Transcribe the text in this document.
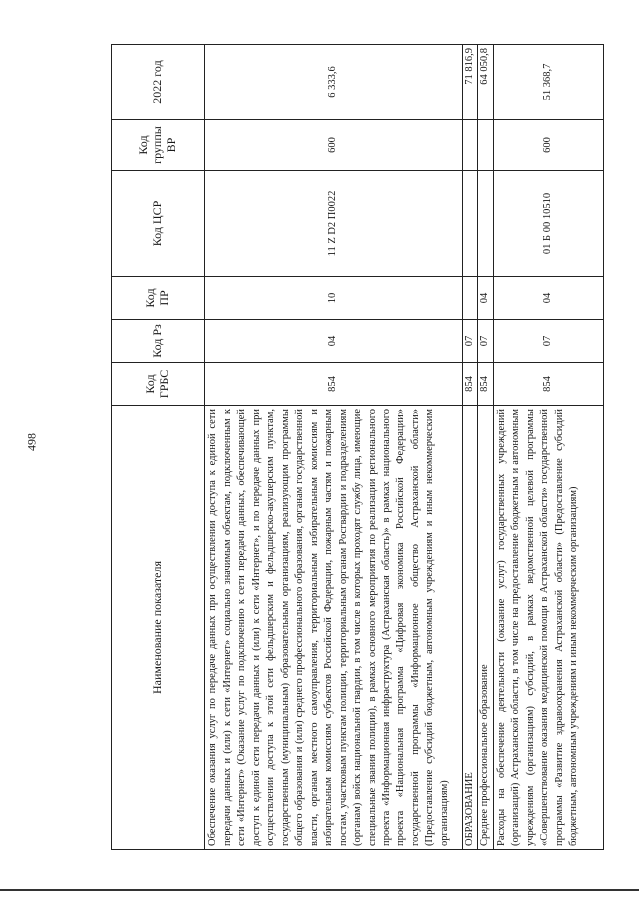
498
Наименование показателя	Код ГРБС	Код Рз	Код ПР	Код ЦСР	Код группы ВР	2022 год
Обеспечение оказания услуг по передаче данных при осуществлении доступа к единой сети передачи данных и (или) к сети «Интернет» социально значимым объектам, подключенным к сети «Интернет» (Оказание услуг по подключению к сети передачи данных, обеспечивающей доступ к единой сети передачи данных и (или) к сети «Интернет», и по передаче данных при осуществлении доступа к этой сети фельдшерским и фельдшерско-акушерским пунктам, государственным (муниципальным) образовательным организациям, реализующим программы общего образования и (или) среднего профессионального образования, органам государственной власти, органам местного самоуправления, территориальным избирательным комиссиям и избирательным комиссиям субъектов Российской Федерации, пожарным частям и пожарным постам, участковым пунктам полиции, территориальным органам Росгвардии и подразделениям (органам) войск национальной гвардии, в том числе в которых проходят службу лица, имеющие специальные звания полиции), в рамках основного мероприятия по реализации регионального проекта «Информационная инфраструктура (Астраханская область)» в рамках национального проекта «Национальная программа «Цифровая экономика Российской Федерации» государственной программы «Информационное общество Астраханской области» (Предоставление субсидий бюджетным, автономным учреждениям и иным некоммерческим организациям)	854	04	10	11 Z D2 П0022	600	6 333,6
ОБРАЗОВАНИЕ	854	07				71 816,9
Среднее профессиональное образование	854	07	04			64 050,8
Расходы на обеспечение деятельности (оказание услуг) государственных учреждений (организаций) Астраханской области, в том числе на предоставление бюджетным и автономным учреждениям (организациям) субсидий, в рамках ведомственной целевой программы «Совершенствование оказания медицинской помощи в Астраханской области» государственной программы «Развитие здравоохранения Астраханской области» (Предоставление субсидий бюджетным, автономным учреждениям и иным некоммерческим организациям)	854	07	04	01 Б 00 10510	600	51 368,7
